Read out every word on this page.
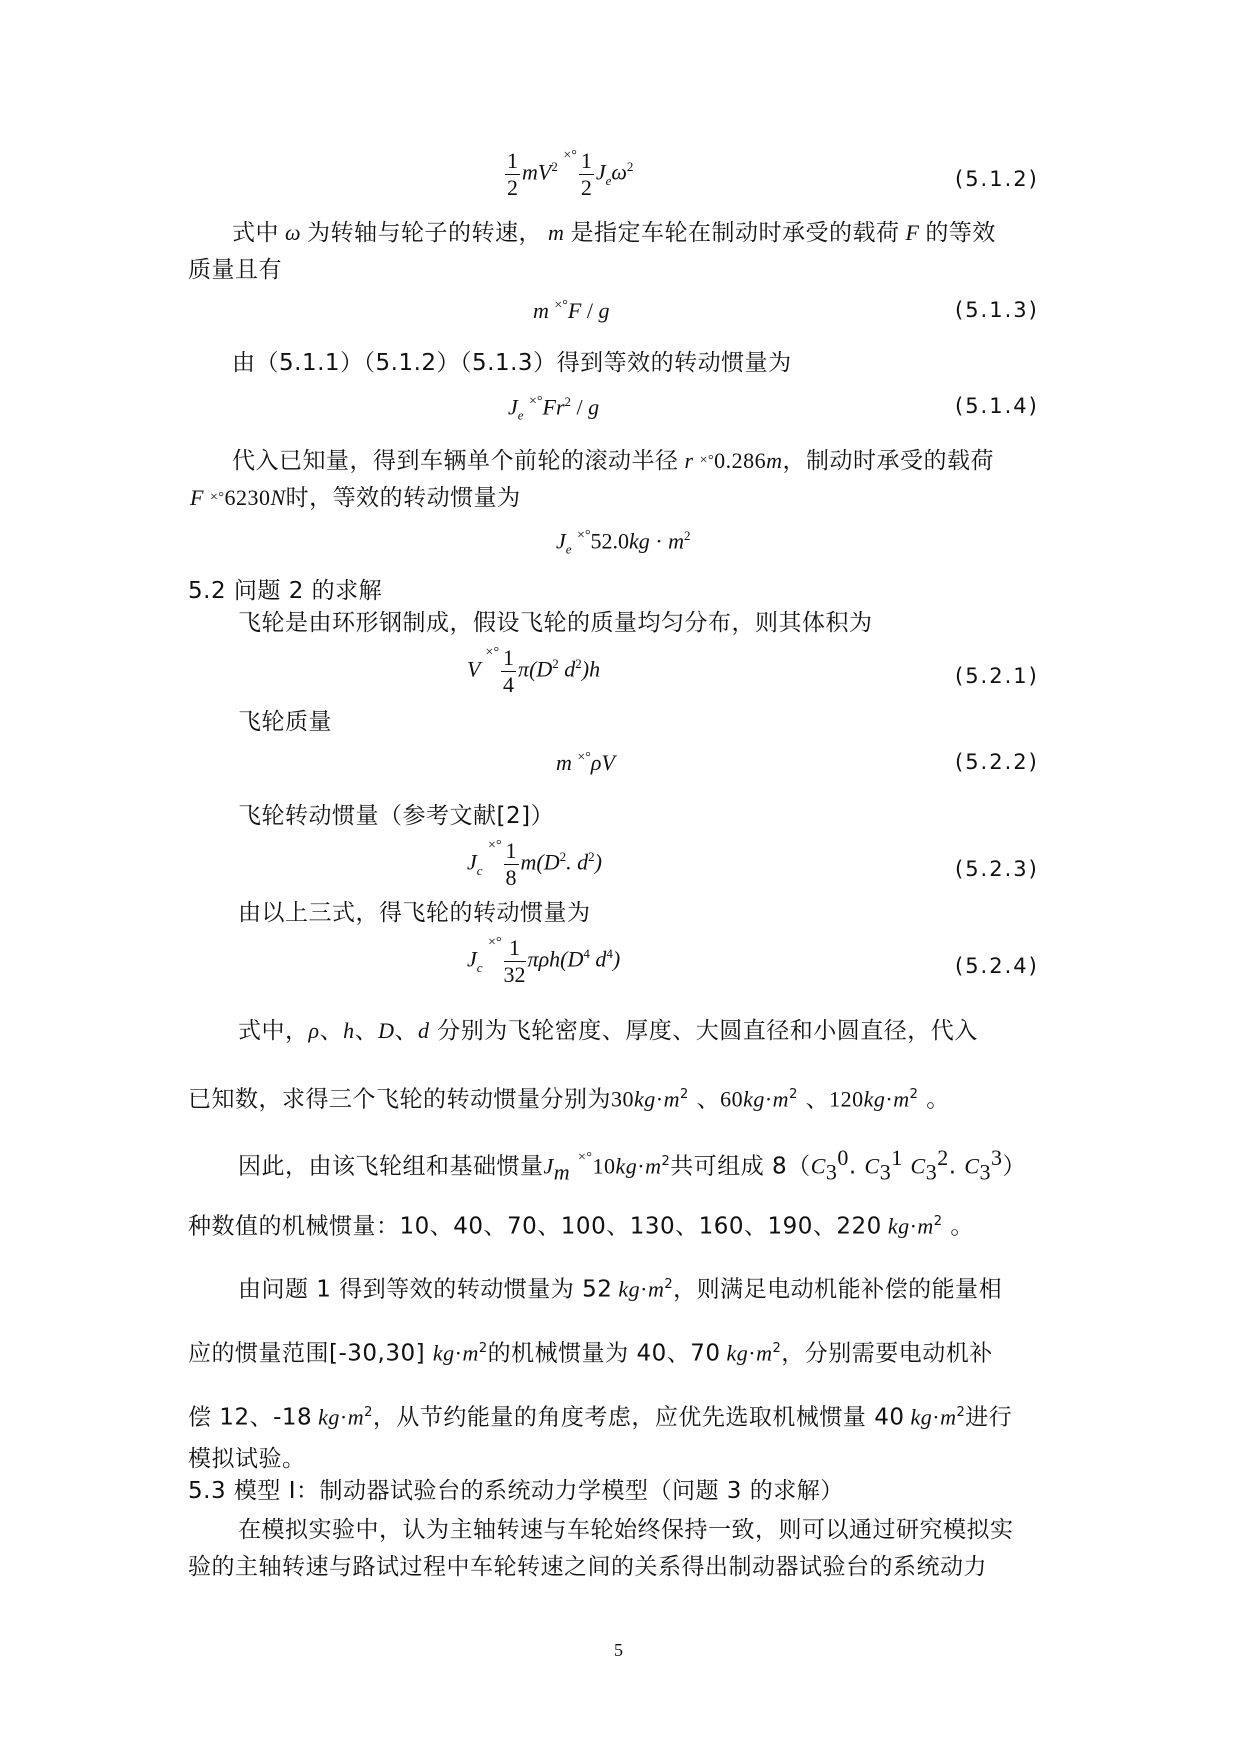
$\frac{1}{2} mV^2$ $^{\times^\circ} \frac{1}{2} J_e\omega^2$
(5.1.2)
式中 ω 为转轴与轮子的转速， m 是指定车轮在制动时承受的载荷 F 的等效
质量且有
m ×°F / g	(5.1.3)
由（5.1.1）（5.1.2）（5.1.3）得到等效的转动惯量为
$J_e$ ×°Fr$^2$ / g	(5.1.4)
代入已知量，得到车辆单个前轮的滚动半径 r ×°0.286m，制动时承受的载荷
F ×°6230N时，等效的转动惯量为
$J_e$ $^{\times^\circ}52.0kg \cdot m^2$
5.2 问题 2 的求解
飞轮是由环形钢制成，假设飞轮的质量均匀分布，则其体积为
V $^{\times^\circ} \frac{1}{4} \pi(D^2$ $d^2)h$	(5.2.1)
飞轮质量
m ×°ρV	(5.2.2)
飞轮转动惯量（参考文献[2]）
$J_c$ $^{\times^\circ} \frac{1}{8} m(D^2$. $d^2$)	(5.2.3)
由以上三式，得飞轮的转动惯量为
$J_c$ $^{\times^\circ} \frac{1}{32} \pi\rho h(D^4$ $d^4$)	(5.2.4)
式中，ρ、h、D、d 分别为飞轮密度、厚度、大圆直径和小圆直径，代入
已知数，求得三个飞轮的转动惯量分别为$30kg\cdot m^2$ 、$60kg\cdot m^2$ 、$120kg\cdot m^2$ 。
因此，由该飞轮组和基础惯量$J_m$ $^{\times^\circ}10kg\cdot m^2$共可组成 $8(C_3^0$. $C_3^1$ $C_3^2$. $C_3^3$）
种数值的机械惯量：10、40、70、100、130、160、190、220 $kg\cdot m^2$ 。
由问题 1 得到等效的转动惯量为 52 $kg\cdot m^2$，则满足电动机能补偿的能量相
应的惯量范围[-30,30] $kg\cdot m^2$的机械惯量为 40、70 $kg\cdot m^2$，分别需要电动机补
偿 12、-18 $kg\cdot m^2$，从节约能量的角度考虑，应优先选取机械惯量 40 $kg\cdot m^2$进行
模拟试验。
5.3 模型 I：制动器试验台的系统动力学模型（问题 3 的求解）
在模拟实验中，认为主轴转速与车轮始终保持一致，则可以通过研究模拟实
验的主轴转速与路试过程中车轮转速之间的关系得出制动器试验台的系统动力
5
